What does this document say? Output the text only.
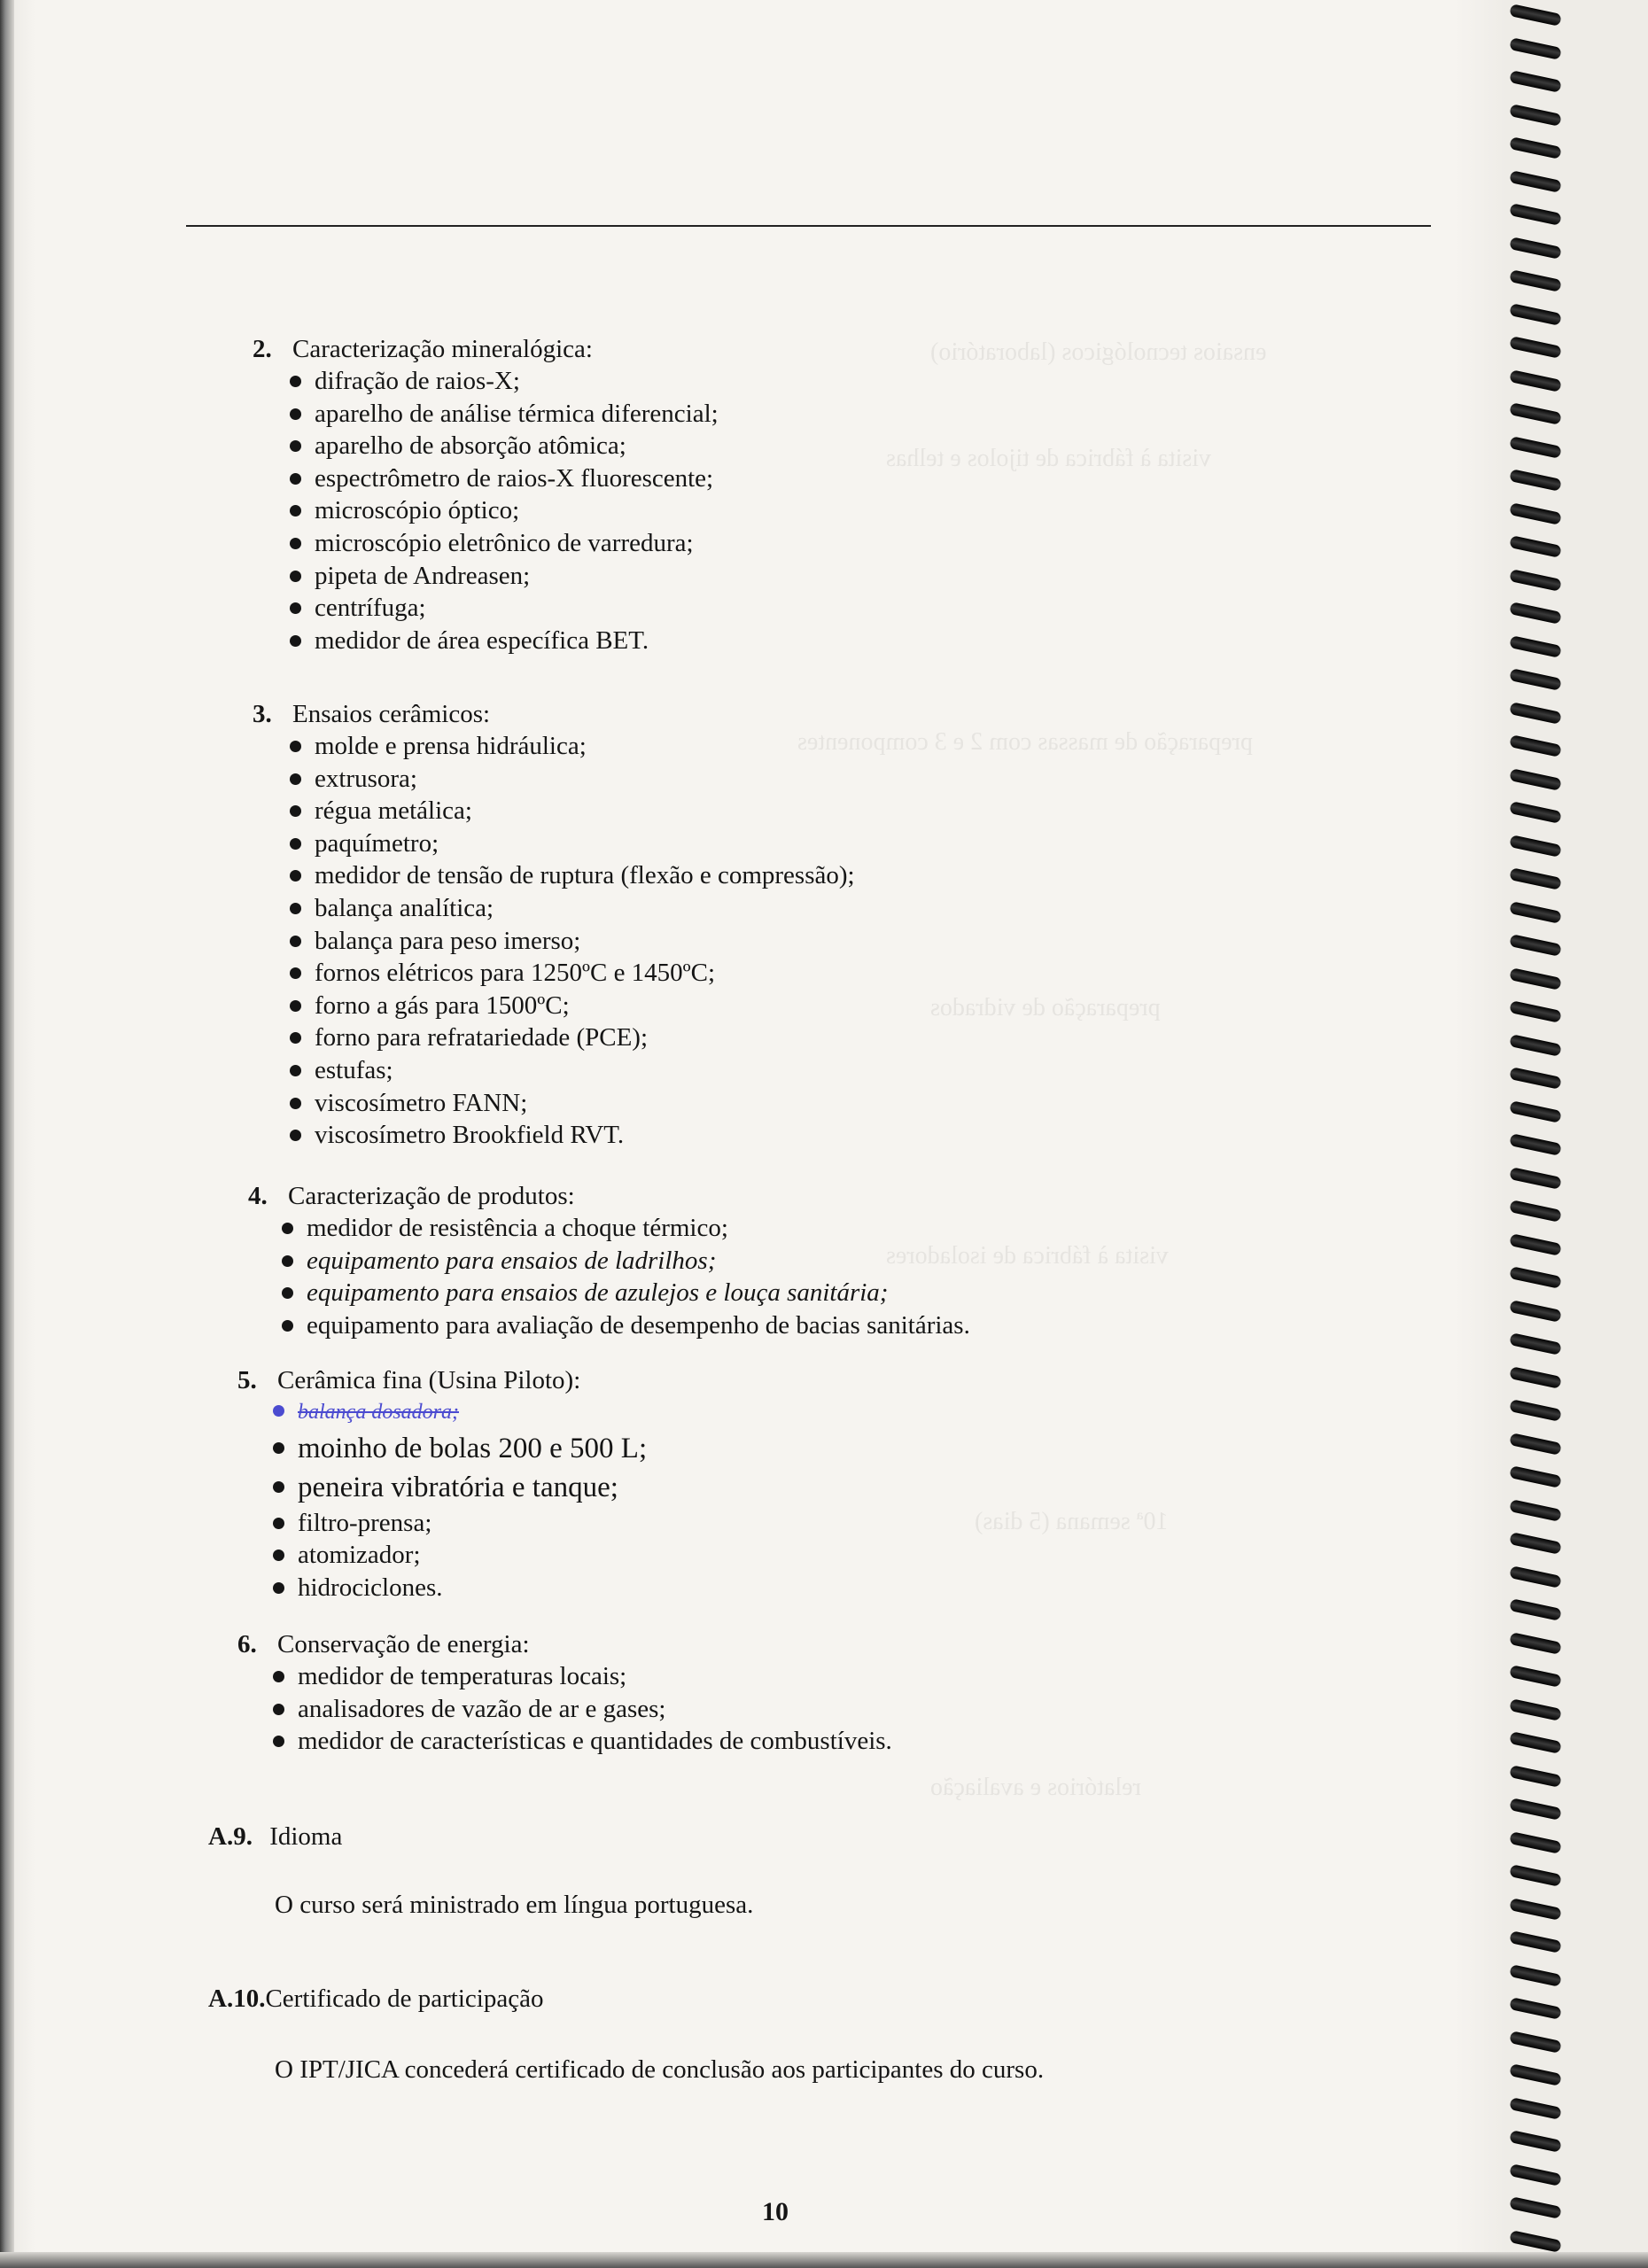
ensaios tecnológicos (laboratório)
visita à fábrica de tijolos e telhas
preparação de massas com 2 e 3 componentes
preparação de vidrados
visita à fábrica de isoladores
10ª semana (5 dias)
relatórios e avaliação
2. Caracterização mineralógica:
difração de raios-X;
aparelho de análise térmica diferencial;
aparelho de absorção atômica;
espectrômetro de raios-X fluorescente;
microscópio óptico;
microscópio eletrônico de varredura;
pipeta de Andreasen;
centrífuga;
medidor de área específica BET.
3. Ensaios cerâmicos:
molde e prensa hidráulica;
extrusora;
régua metálica;
paquímetro;
medidor de tensão de ruptura (flexão e compressão);
balança analítica;
balança para peso imerso;
fornos elétricos para 1250ºC e 1450ºC;
forno a gás para 1500ºC;
forno para refratariedade (PCE);
estufas;
viscosímetro FANN;
viscosímetro Brookfield RVT.
4. Caracterização de produtos:
medidor de resistência a choque térmico;
equipamento para ensaios de ladrilhos;
equipamento para ensaios de azulejos e louça sanitária;
equipamento para avaliação de desempenho de bacias sanitárias.
5. Cerâmica fina (Usina Piloto):
balança dosadora;
moinho de bolas 200 e 500 L;
peneira vibratória e tanque;
filtro-prensa;
atomizador;
hidrociclones.
6. Conservação de energia:
medidor de temperaturas locais;
analisadores de vazão de ar e gases;
medidor de características e quantidades de combustíveis.
A.9. Idioma
O curso será ministrado em língua portuguesa.
A.10.Certificado de participação
O IPT/JICA concederá certificado de conclusão aos participantes do curso.
10
